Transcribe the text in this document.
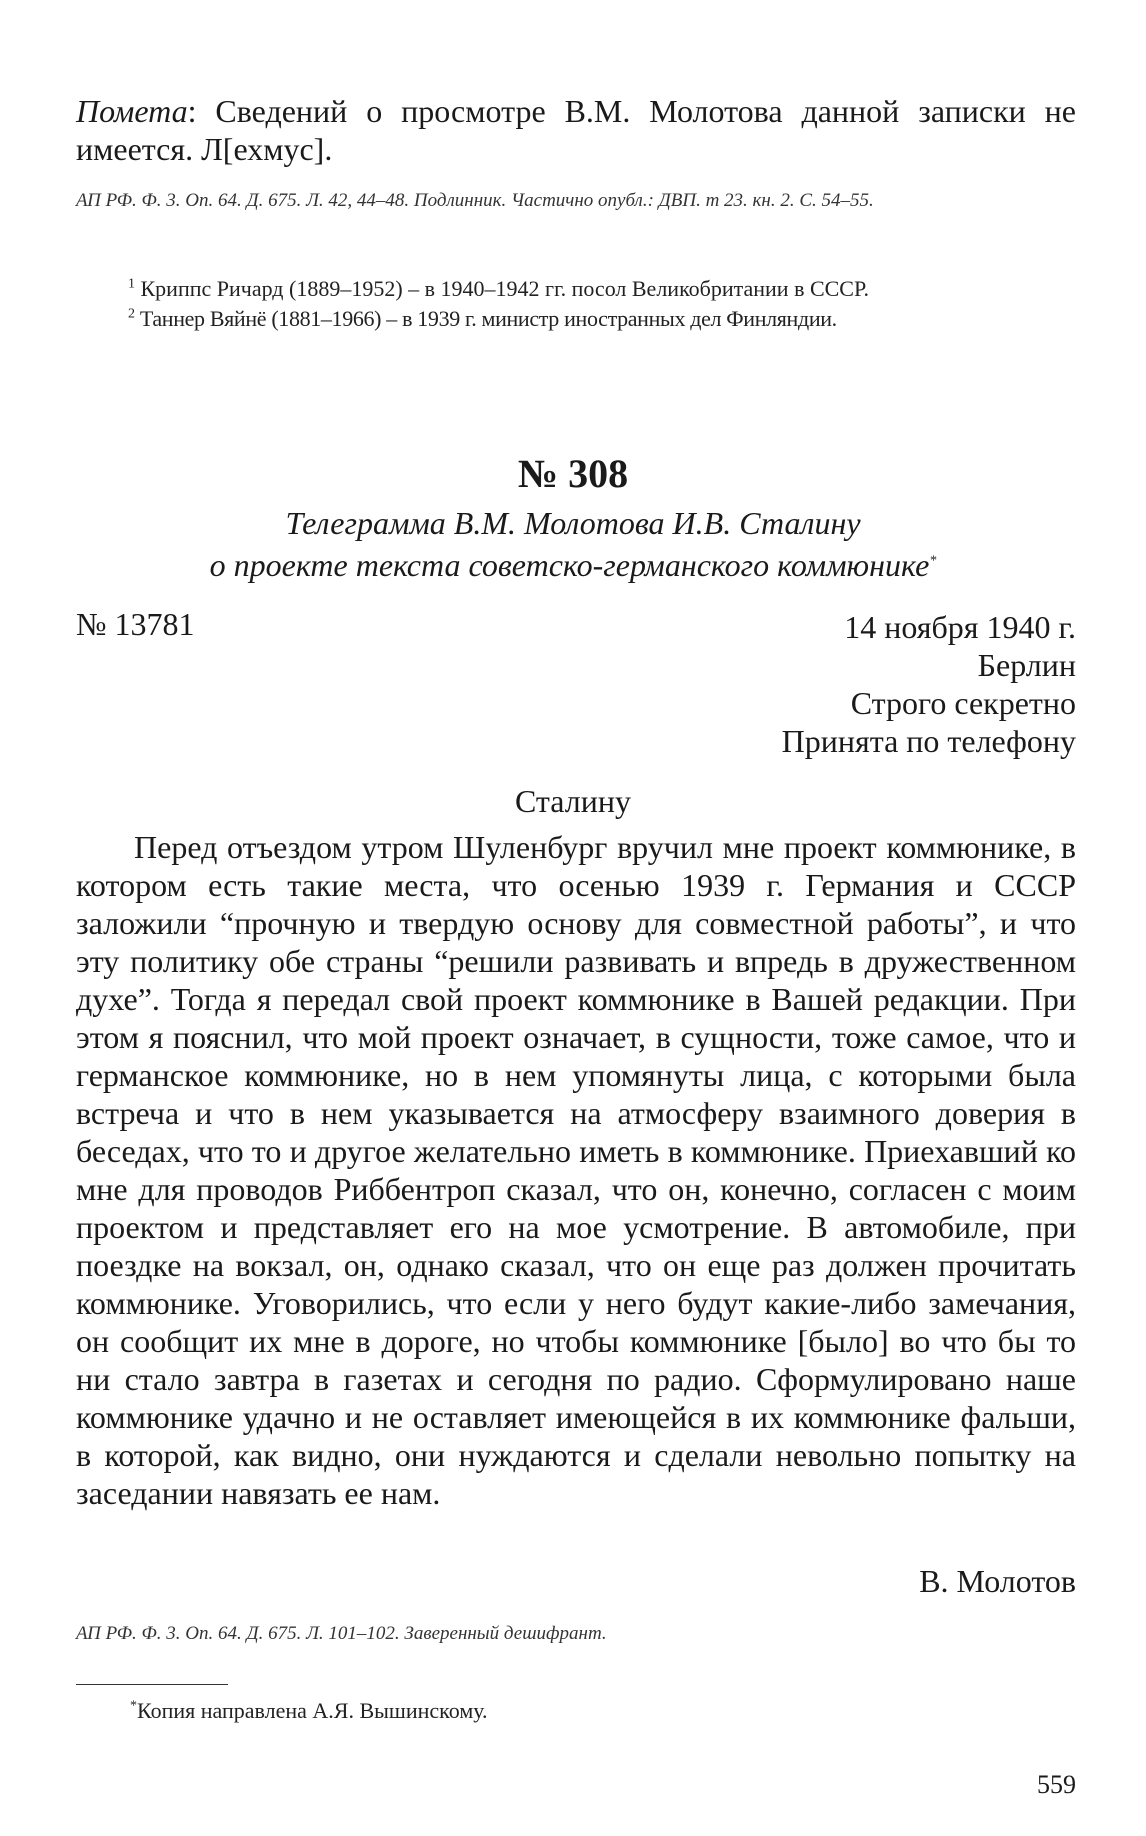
Помета: Сведений о просмотре В.М. Молотова данной записки не имеется. Л[ехмус].
АП РФ. Ф. 3. Оп. 64. Д. 675. Л. 42, 44–48. Подлинник. Частично опубл.: ДВП. т 23. кн. 2. С. 54–55.
$^1$ Криппс Ричард (1889–1952) – в 1940–1942 гг. посол Великобритании в СССР.
$^2$ Таннер Вяйнё (1881–1966) – в 1939 г. министр иностранных дел Финляндии.
№ 308
Телеграмма В.М. Молотова И.В. Сталину
о проекте текста советско-германского коммюнике*
№ 13781	14 ноября 1940 г.
Берлин
Строго секретно
Принята по телефону
Сталину
Перед отъездом утром Шуленбург вручил мне проект коммюнике, в котором есть такие места, что осенью 1939 г. Германия и СССР заложили “прочную и твердую основу для совместной работы”, и что эту политику обе страны “решили развивать и впредь в дружественном духе”. Тогда я передал свой проект коммюнике в Вашей редакции. При этом я пояснил, что мой проект означает, в сущности, тоже самое, что и германское коммюнике, но в нем упомянуты лица, с которыми была встреча и что в нем указывается на атмосферу взаимного доверия в беседах, что то и другое желательно иметь в коммюнике. Приехавший ко мне для проводов Риббентроп сказал, что он, конечно, согласен с моим проектом и представляет его на мое усмотрение. В автомобиле, при поездке на вокзал, он, однако сказал, что он еще раз должен прочитать коммюнике. Уговорились, что если у него будут какие-либо замечания, он сообщит их мне в дороге, но чтобы коммюнике [было] во что бы то ни стало завтра в газетах и сегодня по радио. Сформулировано наше коммюнике удачно и не оставляет имеющейся в их коммюнике фальши, в которой, как видно, они нуждаются и сделали невольно попытку на заседании навязать ее нам.
В. Молотов
АП РФ. Ф. 3. Оп. 64. Д. 675. Л. 101–102. Заверенный дешифрант.
*Копия направлена А.Я. Вышинскому.
559
